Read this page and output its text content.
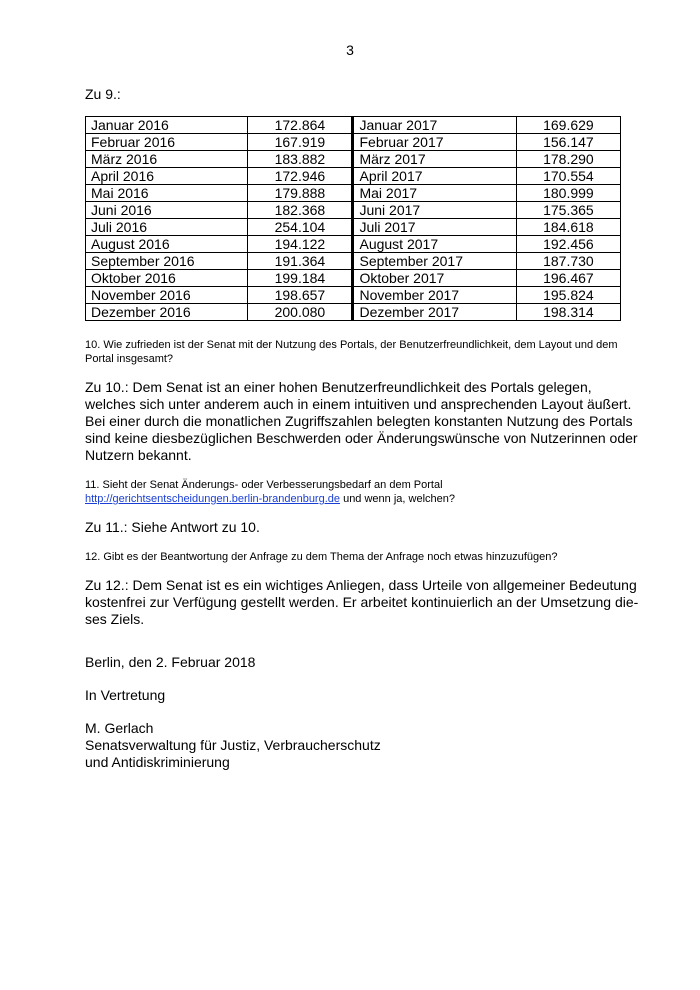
3
Zu 9.:
Januar 2016	172.864	Januar 2017	169.629
Februar 2016	167.919	Februar 2017	156.147
März 2016	183.882	März 2017	178.290
April 2016	172.946	April 2017	170.554
Mai 2016	179.888	Mai 2017	180.999
Juni 2016	182.368	Juni 2017	175.365
Juli 2016	254.104	Juli 2017	184.618
August 2016	194.122	August 2017	192.456
September 2016	191.364	September 2017	187.730
Oktober 2016	199.184	Oktober 2017	196.467
November 2016	198.657	November 2017	195.824
Dezember 2016	200.080	Dezember 2017	198.314
10. Wie zufrieden ist der Senat mit der Nutzung des Portals, der Benutzerfreundlichkeit, dem Layout und dem Portal insgesamt?
Zu 10.: Dem Senat ist an einer hohen Benutzerfreundlichkeit des Portals gelegen, welches sich unter anderem auch in einem intuitiven und ansprechenden Layout äußert. Bei einer durch die monatlichen Zugriffszahlen belegten konstanten Nutzung des Portals sind keine diesbezüglichen Beschwerden oder Änderungswünsche von Nutzerinnen oder Nutzern bekannt.
11. Sieht der Senat Änderungs- oder Verbesserungsbedarf an dem Portal
http://gerichtsentscheidungen.berlin-brandenburg.de und wenn ja, welchen?
Zu 11.: Siehe Antwort zu 10.
12. Gibt es der Beantwortung der Anfrage zu dem Thema der Anfrage noch etwas hinzuzufügen?
Zu 12.: Dem Senat ist es ein wichtiges Anliegen, dass Urteile von allgemeiner Bedeutung kostenfrei zur Verfügung gestellt werden. Er arbeitet kontinuierlich an der Umsetzung die-ses Ziels.
Berlin, den 2. Februar 2018
In Vertretung
M. Gerlach
Senatsverwaltung für Justiz, Verbraucherschutz
und Antidiskriminierung
